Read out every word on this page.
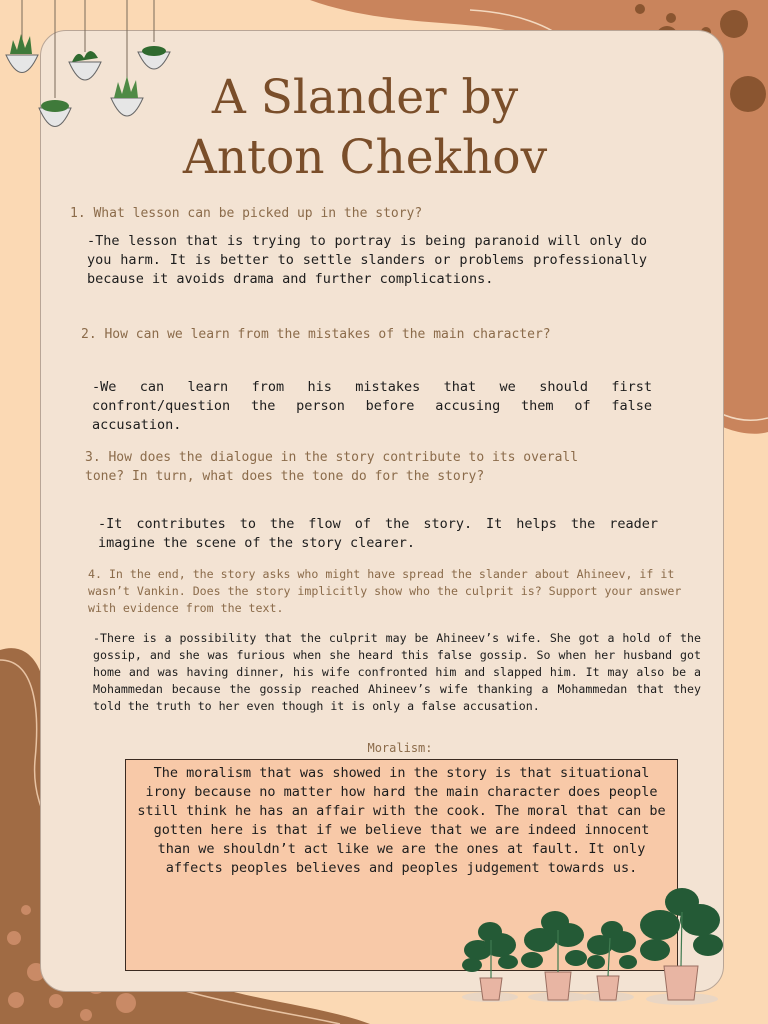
A Slander by
Anton Chekhov

1. What lesson can be picked up in the story?

-The lesson that is trying to portray is being paranoid will only do you harm. It is better to settle slanders or problems professionally because it avoids drama and further complications.

2. How can we learn from the mistakes of the main character?

-We can learn from his mistakes that we should first confront/question the person before accusing them of false accusation.

3. How does the dialogue in the story contribute to its overall tone? In turn, what does the tone do for the story?

-It contributes to the flow of the story. It helps the reader imagine the scene of the story clearer.

4. In the end, the story asks who might have spread the slander about Ahineev, if it wasn’t Vankin. Does the story implicitly show who the culprit is? Support your answer with evidence from the text.

-There is a possibility that the culprit may be Ahineev’s wife. She got a hold of the gossip, and she was furious when she heard this false gossip. So when her husband got home and was having dinner, his wife confronted him and slapped him. It may also be a Mohammedan because the gossip reached Ahineev’s wife thanking a Mohammedan that they told the truth to her even though it is only a false accusation.

Moralism:

The moralism that was showed in the story is that situational irony because no matter how hard the main character does people still think he has an affair with the cook. The moral that can be gotten here is that if we believe that we are indeed innocent than we shouldn’t act like we are the ones at fault. It only affects peoples believes and peoples judgement towards us.
